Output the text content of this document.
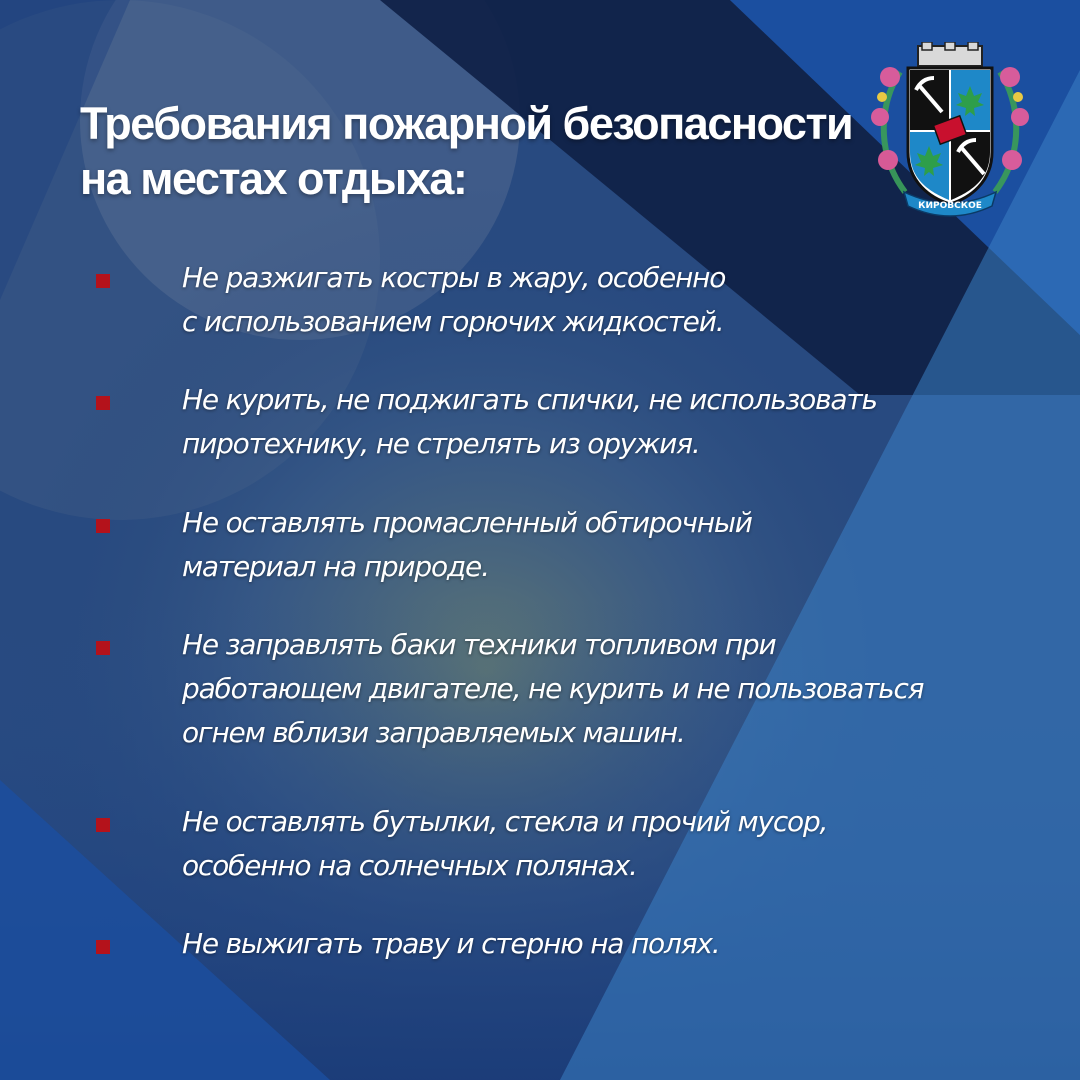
Требования пожарной безопасности
на местах отдыха:
Не разжигать костры в жару, особенно
с использованием горючих жидкостей.
Не курить, не поджигать спички, не использовать
пиротехнику, не стрелять из оружия.
Не оставлять промасленный обтирочный
материал на природе.
Не заправлять баки техники топливом при
работающем двигателе, не курить и не пользоваться
огнем вблизи заправляемых машин.
Не оставлять бутылки, стекла и прочий мусор,
особенно на солнечных полянах.
Не выжигать траву и стерню на полях.
КИРОВСКОЕ
